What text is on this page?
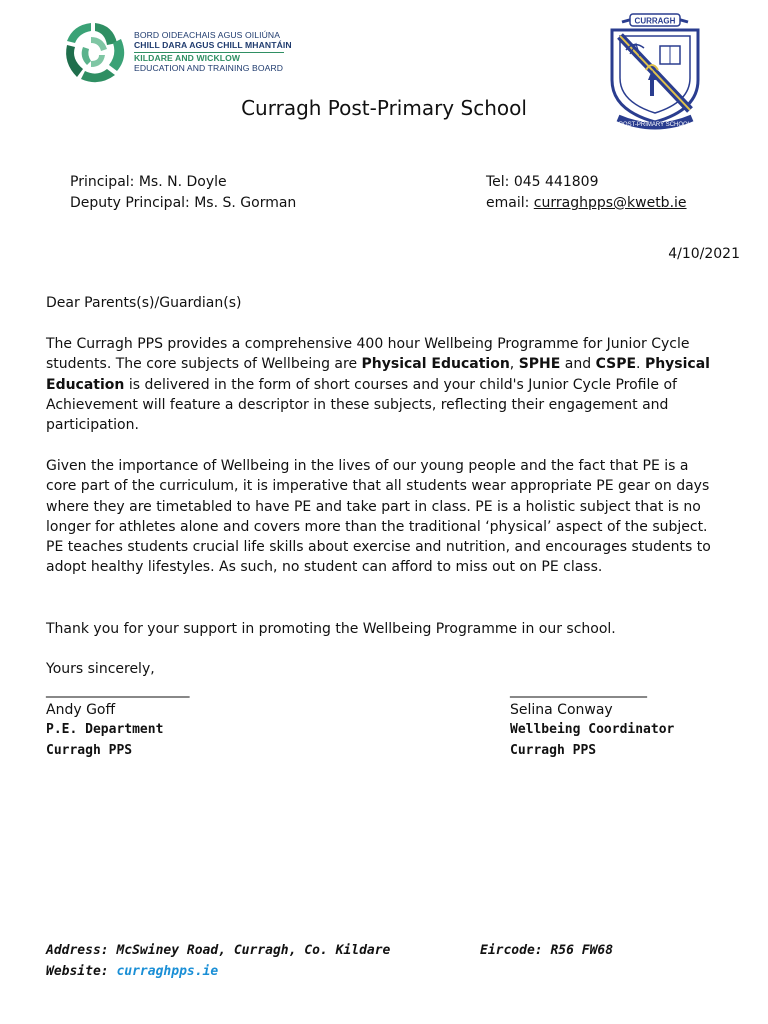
BORD OIDEACHAIS AGUS OILIÚNA
CHILL DARA AGUS CHILL MHANTÁIN
KILDARE AND WICKLOW
EDUCATION AND TRAINING BOARD
CURRAGH
POST-PRIMARY SCHOOL
Curragh Post-Primary School
Principal: Ms. N. Doyle
Deputy Principal: Ms. S. Gorman
Tel: 045 441809
email: curraghpps@kwetb.ie
4/10/2021
Dear Parents(s)/Guardian(s)
The Curragh PPS provides a comprehensive 400 hour Wellbeing Programme for Junior Cycle students. The core subjects of Wellbeing are Physical Education, SPHE and CSPE. Physical Education is delivered in the form of short courses and your child's Junior Cycle Profile of Achievement will feature a descriptor in these subjects, reflecting their engagement and participation.
Given the importance of Wellbeing in the lives of our young people and the fact that PE is a core part of the curriculum, it is imperative that all students wear appropriate PE gear on days where they are timetabled to have PE and take part in class. PE is a holistic subject that is no longer for athletes alone and covers more than the traditional ‘physical’ aspect of the subject. PE teaches students crucial life skills about exercise and nutrition, and encourages students to adopt healthy lifestyles. As such, no student can afford to miss out on PE class.
Thank you for your support in promoting the Wellbeing Programme in our school.
Yours sincerely,
______________________	_____________________
Andy Goff
P.E. Department
Curragh PPS
Selina Conway
Wellbeing Coordinator
Curragh PPS
Address: McSwiney Road, Curragh, Co. Kildare	Eircode: R56 FW68
Website: curraghpps.ie
